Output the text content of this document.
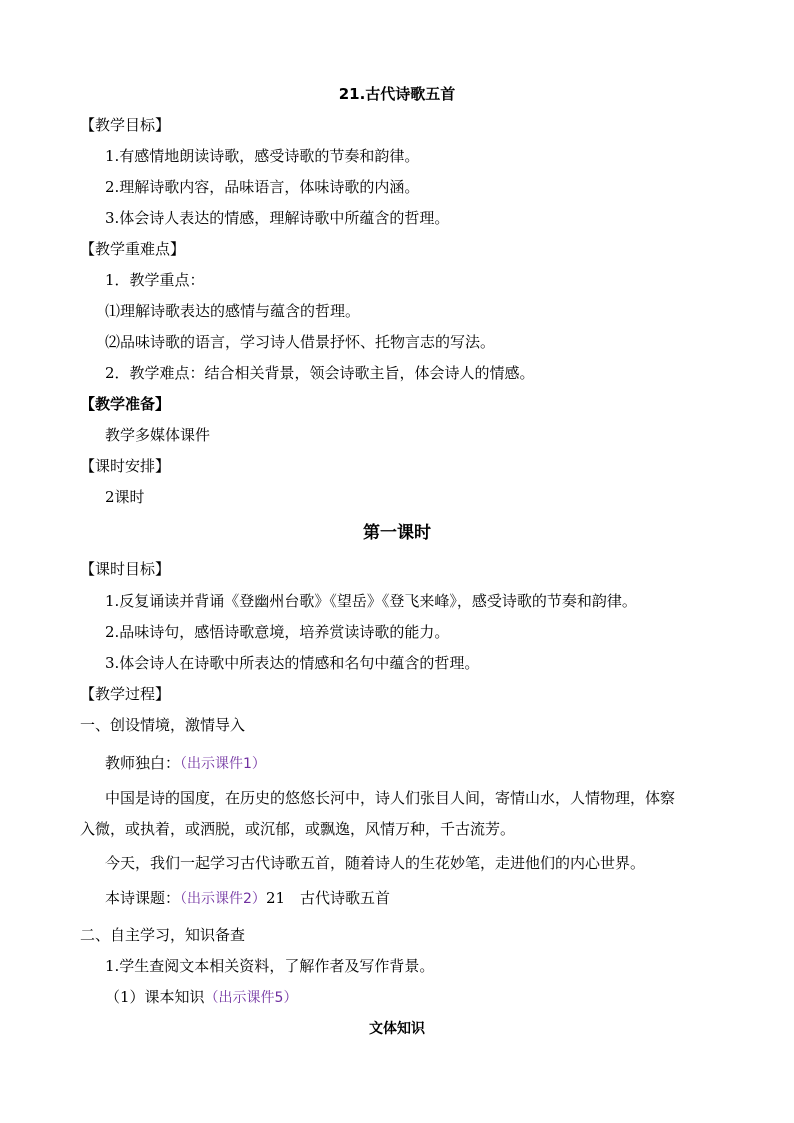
21.古代诗歌五首
【教学目标】
1.有感情地朗读诗歌，感受诗歌的节奏和韵律。
2.理解诗歌内容，品味语言，体味诗歌的内涵。
3.体会诗人表达的情感，理解诗歌中所蕴含的哲理。
【教学重难点】
1．教学重点：
⑴理解诗歌表达的感情与蕴含的哲理。
⑵品味诗歌的语言，学习诗人借景抒怀、托物言志的写法。
2．教学难点：结合相关背景，领会诗歌主旨，体会诗人的情感。
【教学准备】
教学多媒体课件
【课时安排】
2课时
第一课时
【课时目标】
1.反复诵读并背诵《登幽州台歌》《望岳》《登飞来峰》，感受诗歌的节奏和韵律。
2.品味诗句，感悟诗歌意境，培养赏读诗歌的能力。
3.体会诗人在诗歌中所表达的情感和名句中蕴含的哲理。
【教学过程】
一、创设情境，激情导入
教师独白：（出示课件1）
中国是诗的国度，在历史的悠悠长河中，诗人们张目人间，寄情山水，人情物理，体察
入微，或执着，或洒脱，或沉郁，或飘逸，风情万种，千古流芳。
今天，我们一起学习古代诗歌五首，随着诗人的生花妙笔，走进他们的内心世界。
本诗课题：（出示课件2）21　古代诗歌五首
二、自主学习，知识备查
1.学生查阅文本相关资料，了解作者及写作背景。
（1）课本知识（出示课件5）
文体知识
